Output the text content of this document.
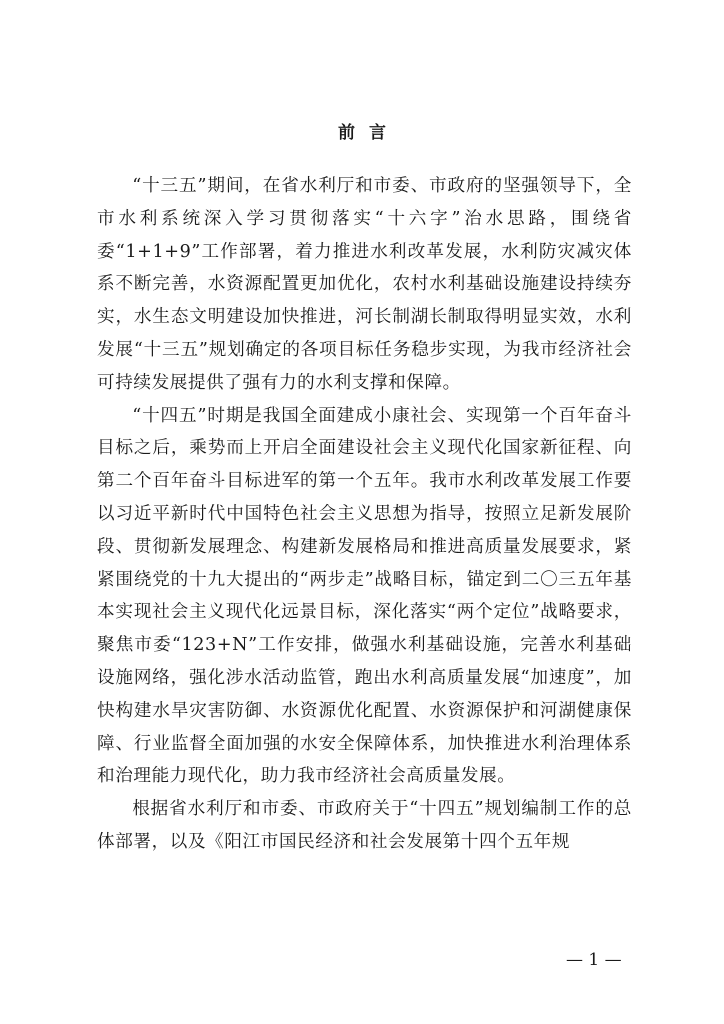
前言

“十三五”期间，在省水利厅和市委、市政府的坚强领导下，全市水利系统深入学习贯彻落实“十六字”治水思路，围绕省委“1+1+9”工作部署，着力推进水利改革发展，水利防灾减灾体系不断完善，水资源配置更加优化，农村水利基础设施建设持续夯实，水生态文明建设加快推进，河长制湖长制取得明显实效，水利发展“十三五”规划确定的各项目标任务稳步实现，为我市经济社会可持续发展提供了强有力的水利支撑和保障。

“十四五”时期是我国全面建成小康社会、实现第一个百年奋斗目标之后，乘势而上开启全面建设社会主义现代化国家新征程、向第二个百年奋斗目标进军的第一个五年。我市水利改革发展工作要以习近平新时代中国特色社会主义思想为指导，按照立足新发展阶段、贯彻新发展理念、构建新发展格局和推进高质量发展要求，紧紧围绕党的十九大提出的“两步走”战略目标，锚定到二〇三五年基本实现社会主义现代化远景目标，深化落实“两个定位”战略要求，聚焦市委“123+N”工作安排，做强水利基础设施，完善水利基础设施网络，强化涉水活动监管，跑出水利高质量发展“加速度”，加快构建水旱灾害防御、水资源优化配置、水资源保护和河湖健康保障、行业监督全面加强的水安全保障体系，加快推进水利治理体系和治理能力现代化，助力我市经济社会高质量发展。

根据省水利厅和市委、市政府关于“十四五”规划编制工作的总体部署，以及《阳江市国民经济和社会发展第十四个五年规

— 1 —
